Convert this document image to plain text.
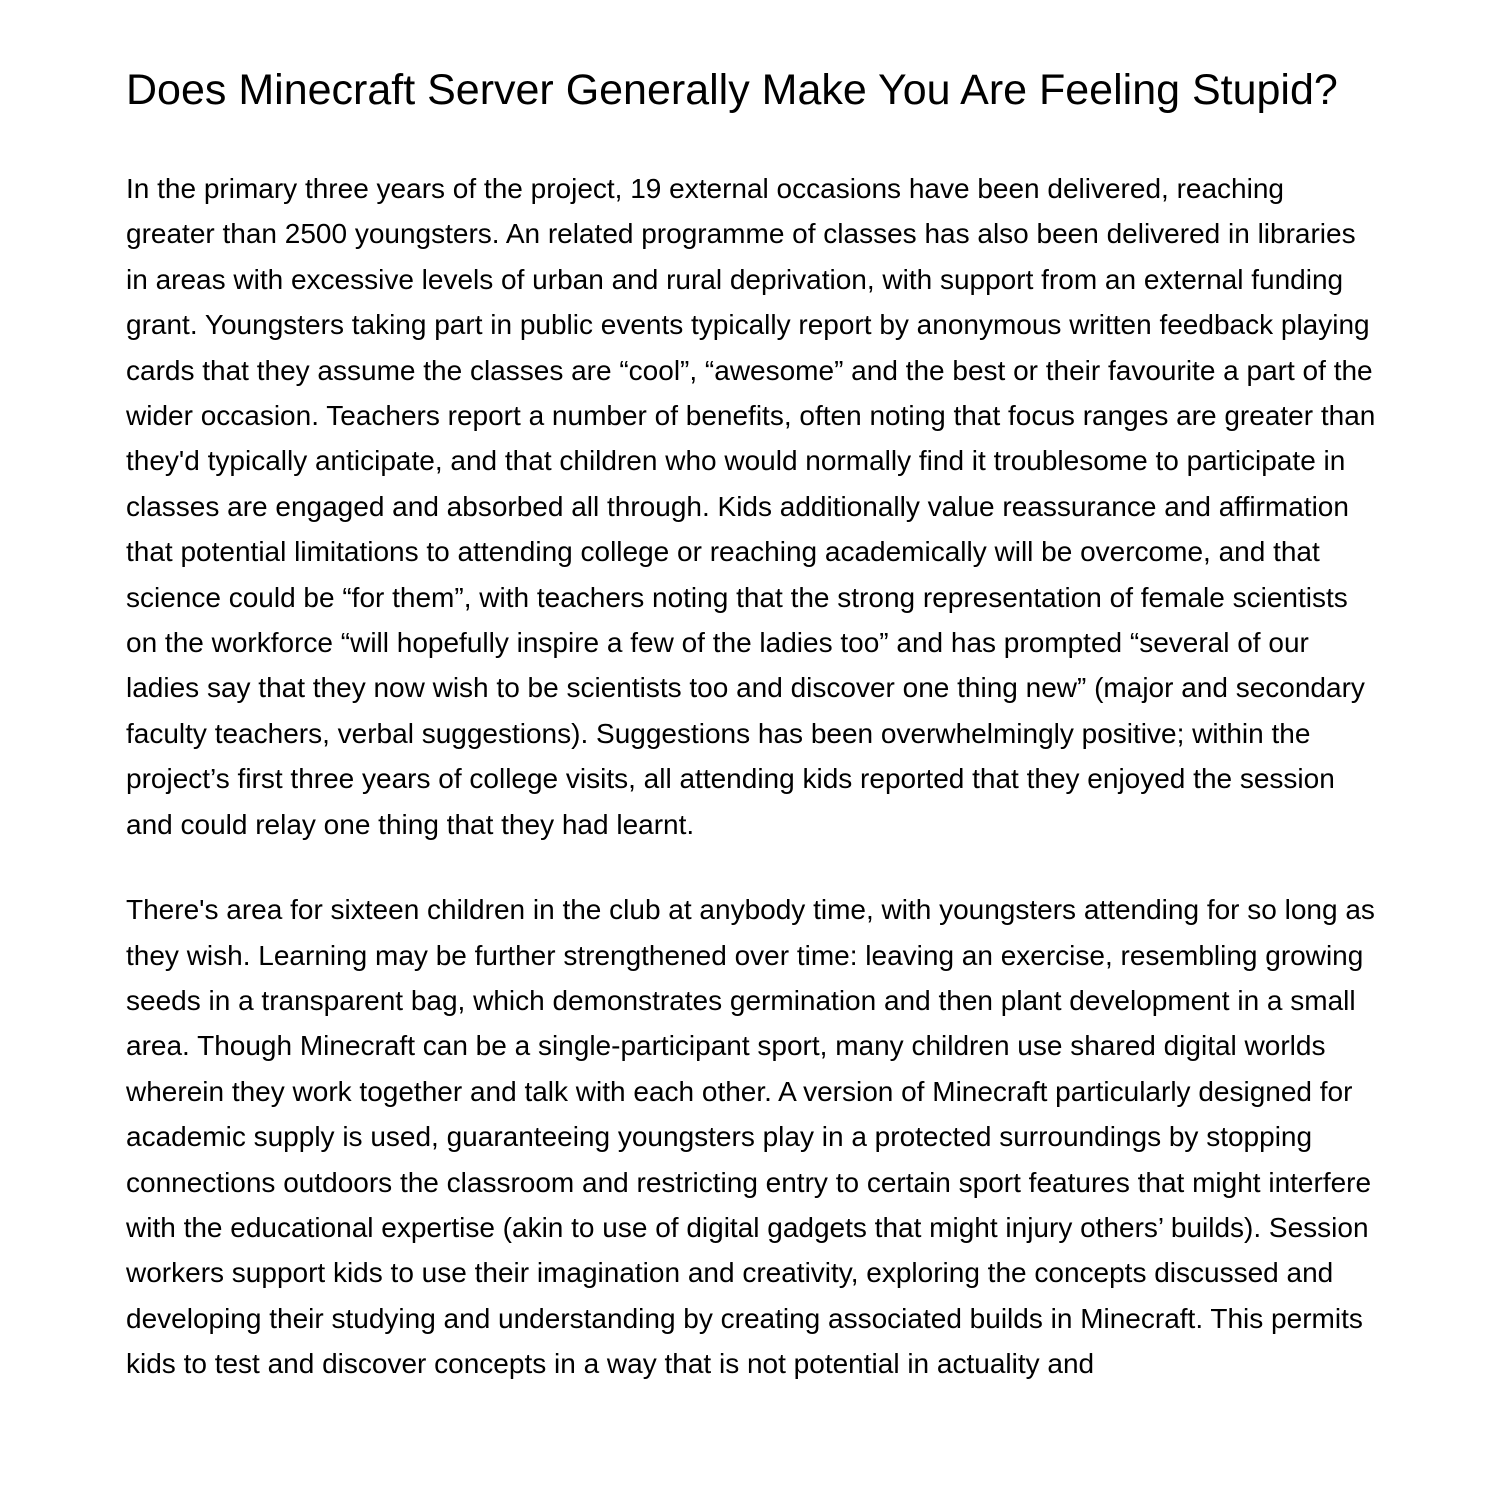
Does Minecraft Server Generally Make You Are Feeling Stupid?

In the primary three years of the project, 19 external occasions have been delivered, reaching greater than 2500 youngsters. An related programme of classes has also been delivered in libraries in areas with excessive levels of urban and rural deprivation, with support from an external funding grant. Youngsters taking part in public events typically report by anonymous written feedback playing cards that they assume the classes are “cool”, “awesome” and the best or their favourite a part of the wider occasion. Teachers report a number of benefits, often noting that focus ranges are greater than they'd typically anticipate, and that children who would normally find it troublesome to participate in classes are engaged and absorbed all through. Kids additionally value reassurance and affirmation that potential limitations to attending college or reaching academically will be overcome, and that science could be “for them”, with teachers noting that the strong representation of female scientists on the workforce “will hopefully inspire a few of the ladies too” and has prompted “several of our ladies say that they now wish to be scientists too and discover one thing new” (major and secondary faculty teachers, verbal suggestions). Suggestions has been overwhelmingly positive; within the project’s first three years of college visits, all attending kids reported that they enjoyed the session and could relay one thing that they had learnt.

There's area for sixteen children in the club at anybody time, with youngsters attending for so long as they wish. Learning may be further strengthened over time: leaving an exercise, resembling growing seeds in a transparent bag, which demonstrates germination and then plant development in a small area. Though Minecraft can be a single-participant sport, many children use shared digital worlds wherein they work together and talk with each other. A version of Minecraft particularly designed for academic supply is used, guaranteeing youngsters play in a protected surroundings by stopping connections outdoors the classroom and restricting entry to certain sport features that might interfere with the educational expertise (akin to use of digital gadgets that might injury others’ builds). Session workers support kids to use their imagination and creativity, exploring the concepts discussed and developing their studying and understanding by creating associated builds in Minecraft. This permits kids to test and discover concepts in a way that is not potential in actuality and
